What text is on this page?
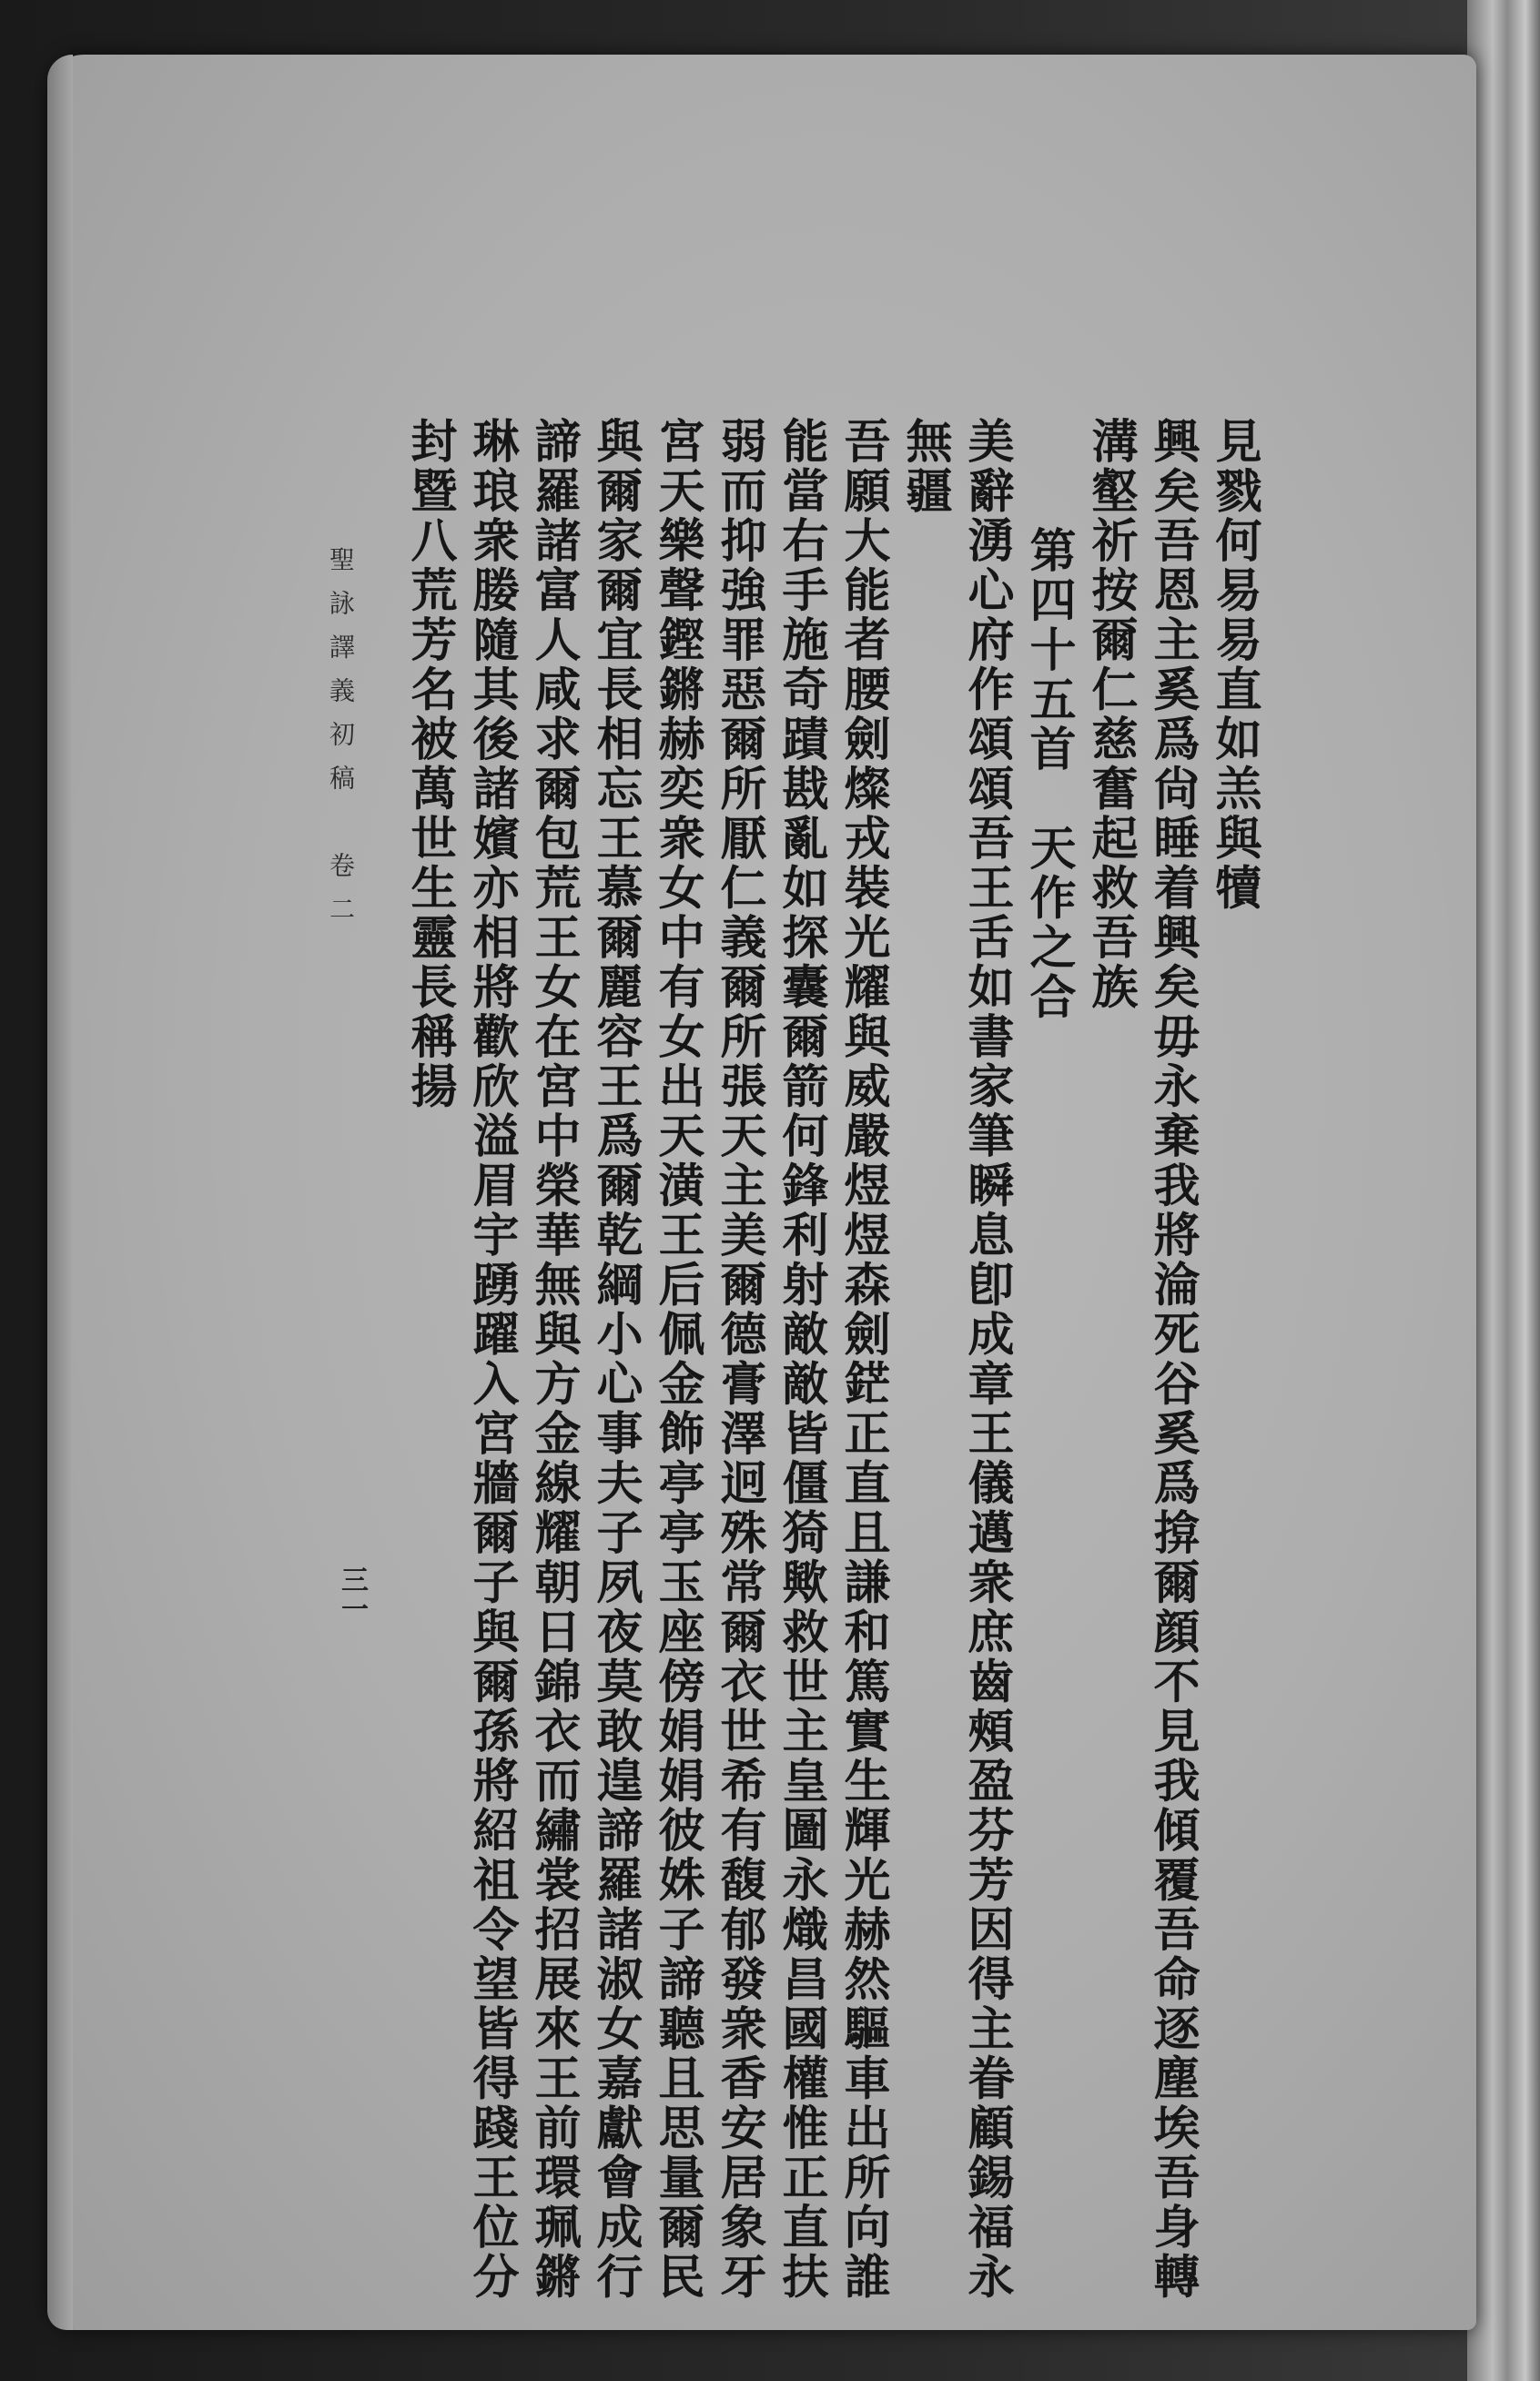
見戮何易易直如羔與犢
興矣吾恩主奚爲尙睡着興矣毋永棄我將淪死谷奚爲揜爾顔不見我傾覆吾命逐塵埃吾身轉
溝壑祈按爾仁慈奮起救吾族
第四十五首　天作之合
美辭湧心府作頌頌吾王舌如書家筆瞬息卽成章王儀邁衆庶齒頰盈芬芳因得主眷顧錫福永
無疆
吾願大能者腰劍燦戎裝光耀與威嚴煜煜森劍鋩正直且謙和篤實生輝光赫然驅車出所向誰
能當右手施奇蹟戡亂如探囊爾箭何鋒利射敵敵皆僵猗歟救世主皇圖永熾昌國權惟正直扶
弱而抑強罪惡爾所厭仁義爾所張天主美爾德膏澤迥殊常爾衣世希有馥郁發衆香安居象牙
宮天樂聲鏗鏘赫奕衆女中有女出天潢王后佩金飾亭亭玉座傍娟娟彼姝子諦聽且思量爾民
與爾家爾宜長相忘王慕爾麗容王爲爾乾綱小心事夫子夙夜莫敢遑諦羅諸淑女嘉獻會成行
諦羅諸富人咸求爾包荒王女在宮中榮華無與方金線耀朝日錦衣而繡裳招展來王前環珮鏘
琳琅衆媵隨其後諸嬪亦相將歡欣溢眉宇踴躍入宮牆爾子與爾孫將紹祖令望皆得踐王位分
封暨八荒芳名被萬世生靈長稱揚
聖詠譯義初稿　卷二
三一
